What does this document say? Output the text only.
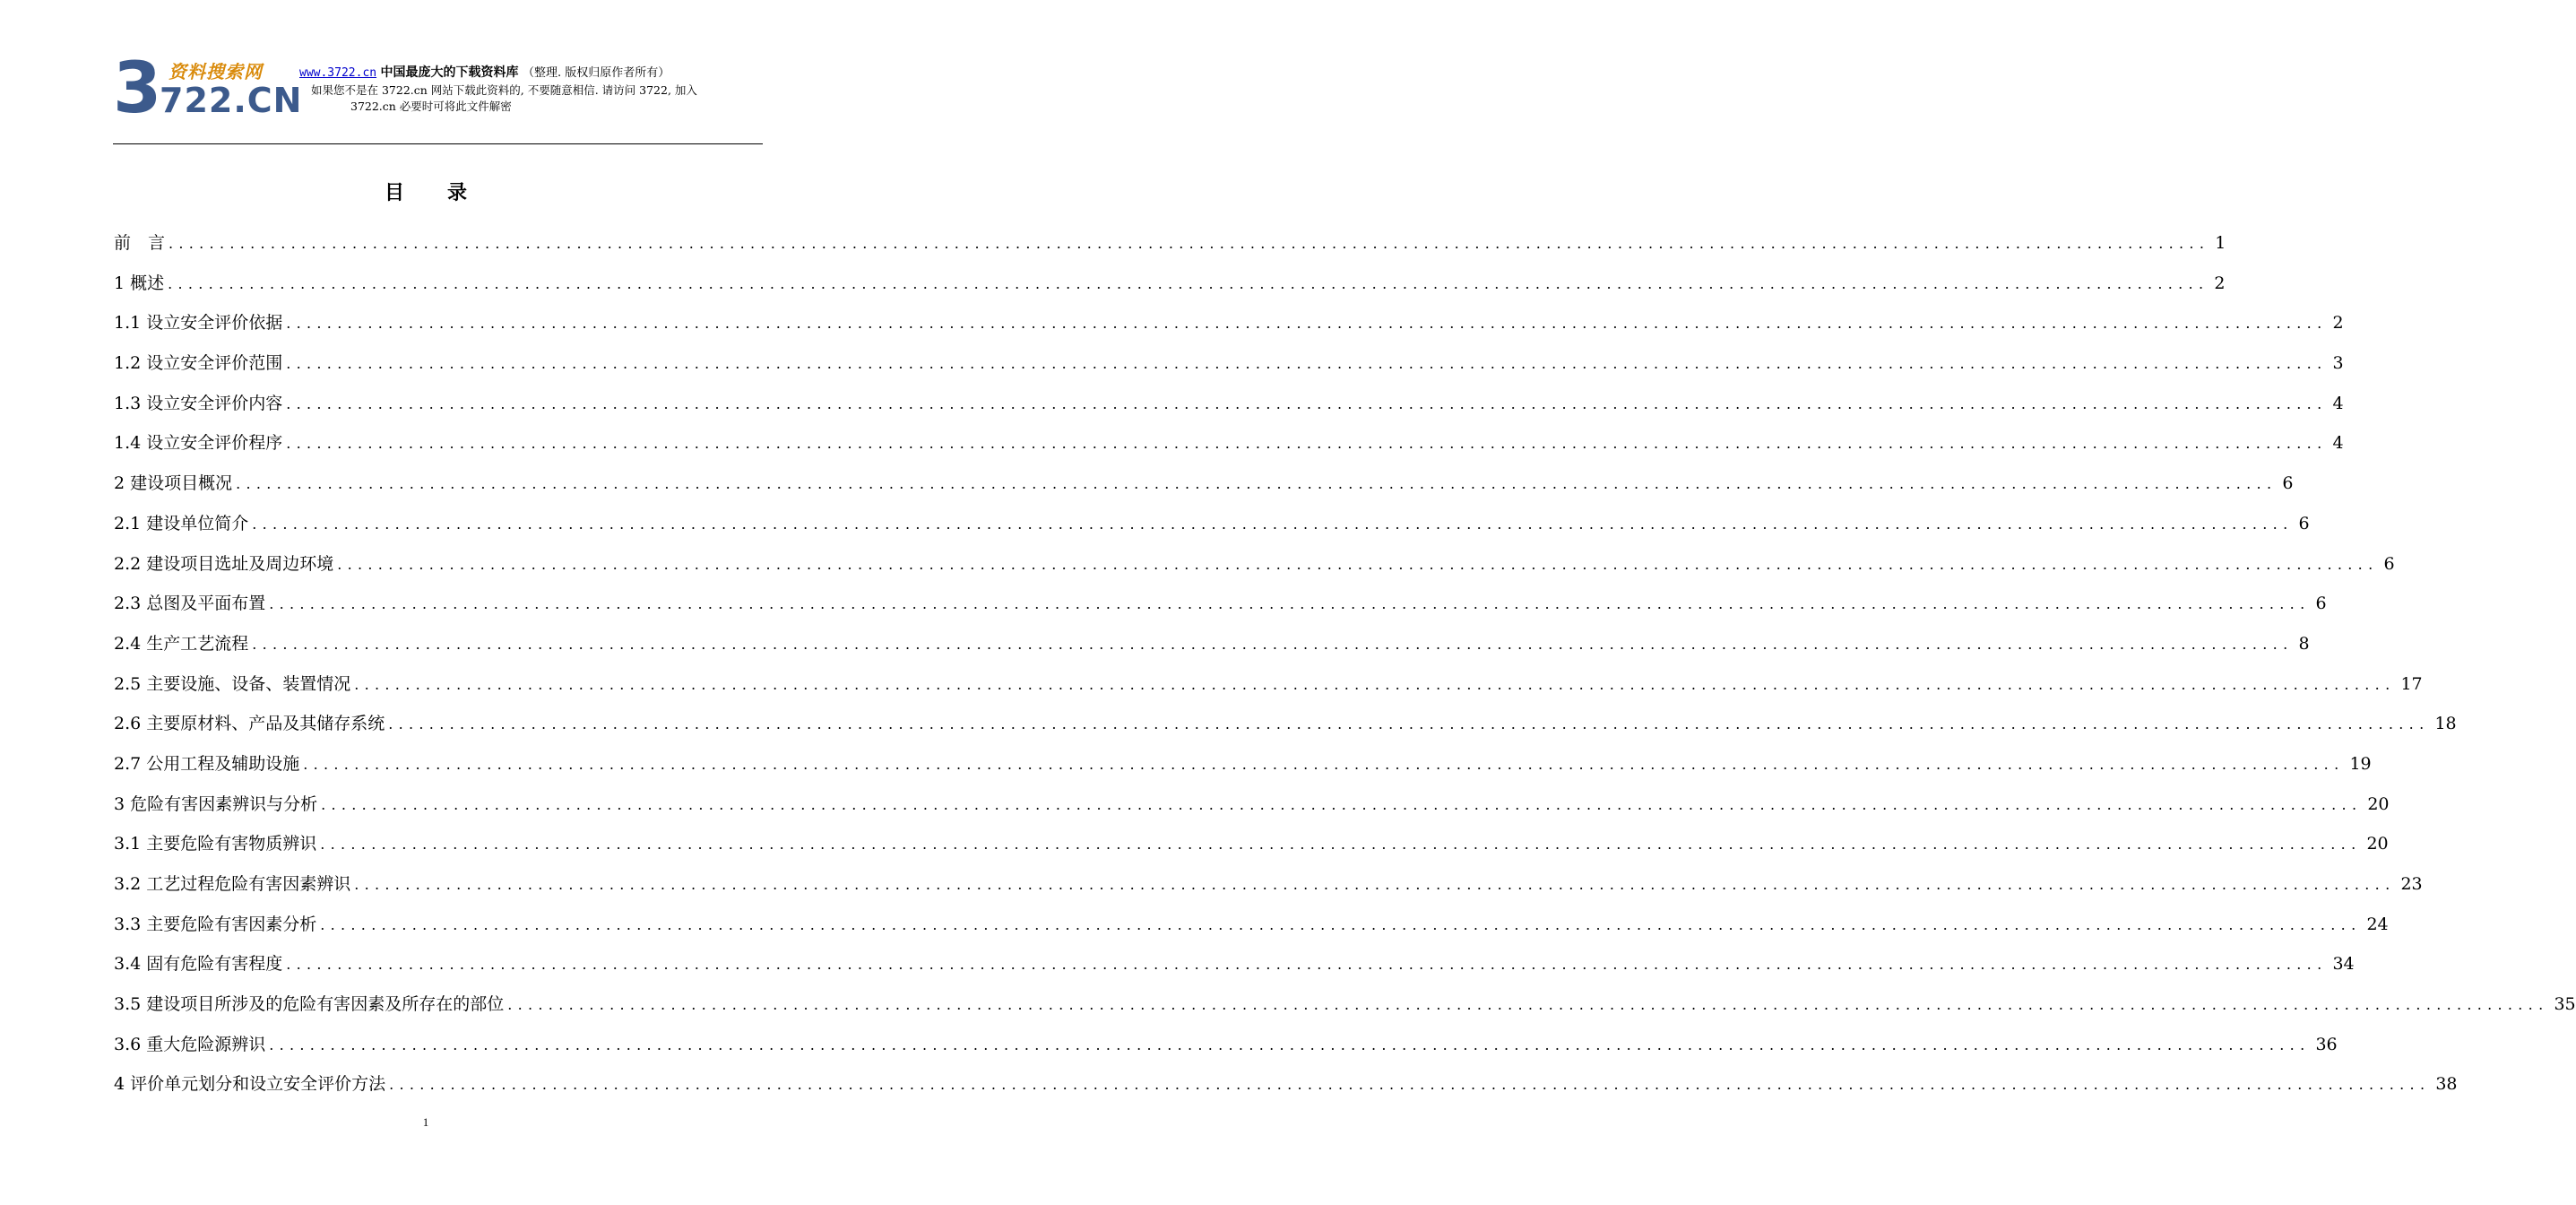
资料搜索网
3
722.CN
www.3722.cn 中国最庞大的下载资料库 （整理. 版权归原作者所有）
如果您不是在 3722.cn 网站下载此资料的, 不要随意相信. 请访问 3722, 加入
3722.cn 必要时可将此文件解密
目录
前　言 ........................................................................................................................................................................................................ 1
1 概述 ........................................................................................................................................................................................................ 2
1.1 设立安全评价依据 ........................................................................................................................................................................................................ 2
1.2 设立安全评价范围 ........................................................................................................................................................................................................ 3
1.3 设立安全评价内容 ........................................................................................................................................................................................................ 4
1.4 设立安全评价程序 ........................................................................................................................................................................................................ 4
2 建设项目概况 ........................................................................................................................................................................................................ 6
2.1 建设单位简介 ........................................................................................................................................................................................................ 6
2.2 建设项目选址及周边环境 ........................................................................................................................................................................................................ 6
2.3 总图及平面布置 ........................................................................................................................................................................................................ 6
2.4 生产工艺流程 ........................................................................................................................................................................................................ 8
2.5 主要设施、设备、装置情况 ........................................................................................................................................................................................................ 17
2.6 主要原材料、产品及其储存系统 ........................................................................................................................................................................................................ 18
2.7 公用工程及辅助设施 ........................................................................................................................................................................................................ 19
3 危险有害因素辨识与分析 ........................................................................................................................................................................................................ 20
3.1 主要危险有害物质辨识 ........................................................................................................................................................................................................ 20
3.2 工艺过程危险有害因素辨识 ........................................................................................................................................................................................................ 23
3.3 主要危险有害因素分析 ........................................................................................................................................................................................................ 24
3.4 固有危险有害程度 ........................................................................................................................................................................................................ 34
3.5 建设项目所涉及的危险有害因素及所存在的部位 ........................................................................................................................................................................................................ 35
3.6 重大危险源辨识 ........................................................................................................................................................................................................ 36
4 评价单元划分和设立安全评价方法 ........................................................................................................................................................................................................ 38
1
